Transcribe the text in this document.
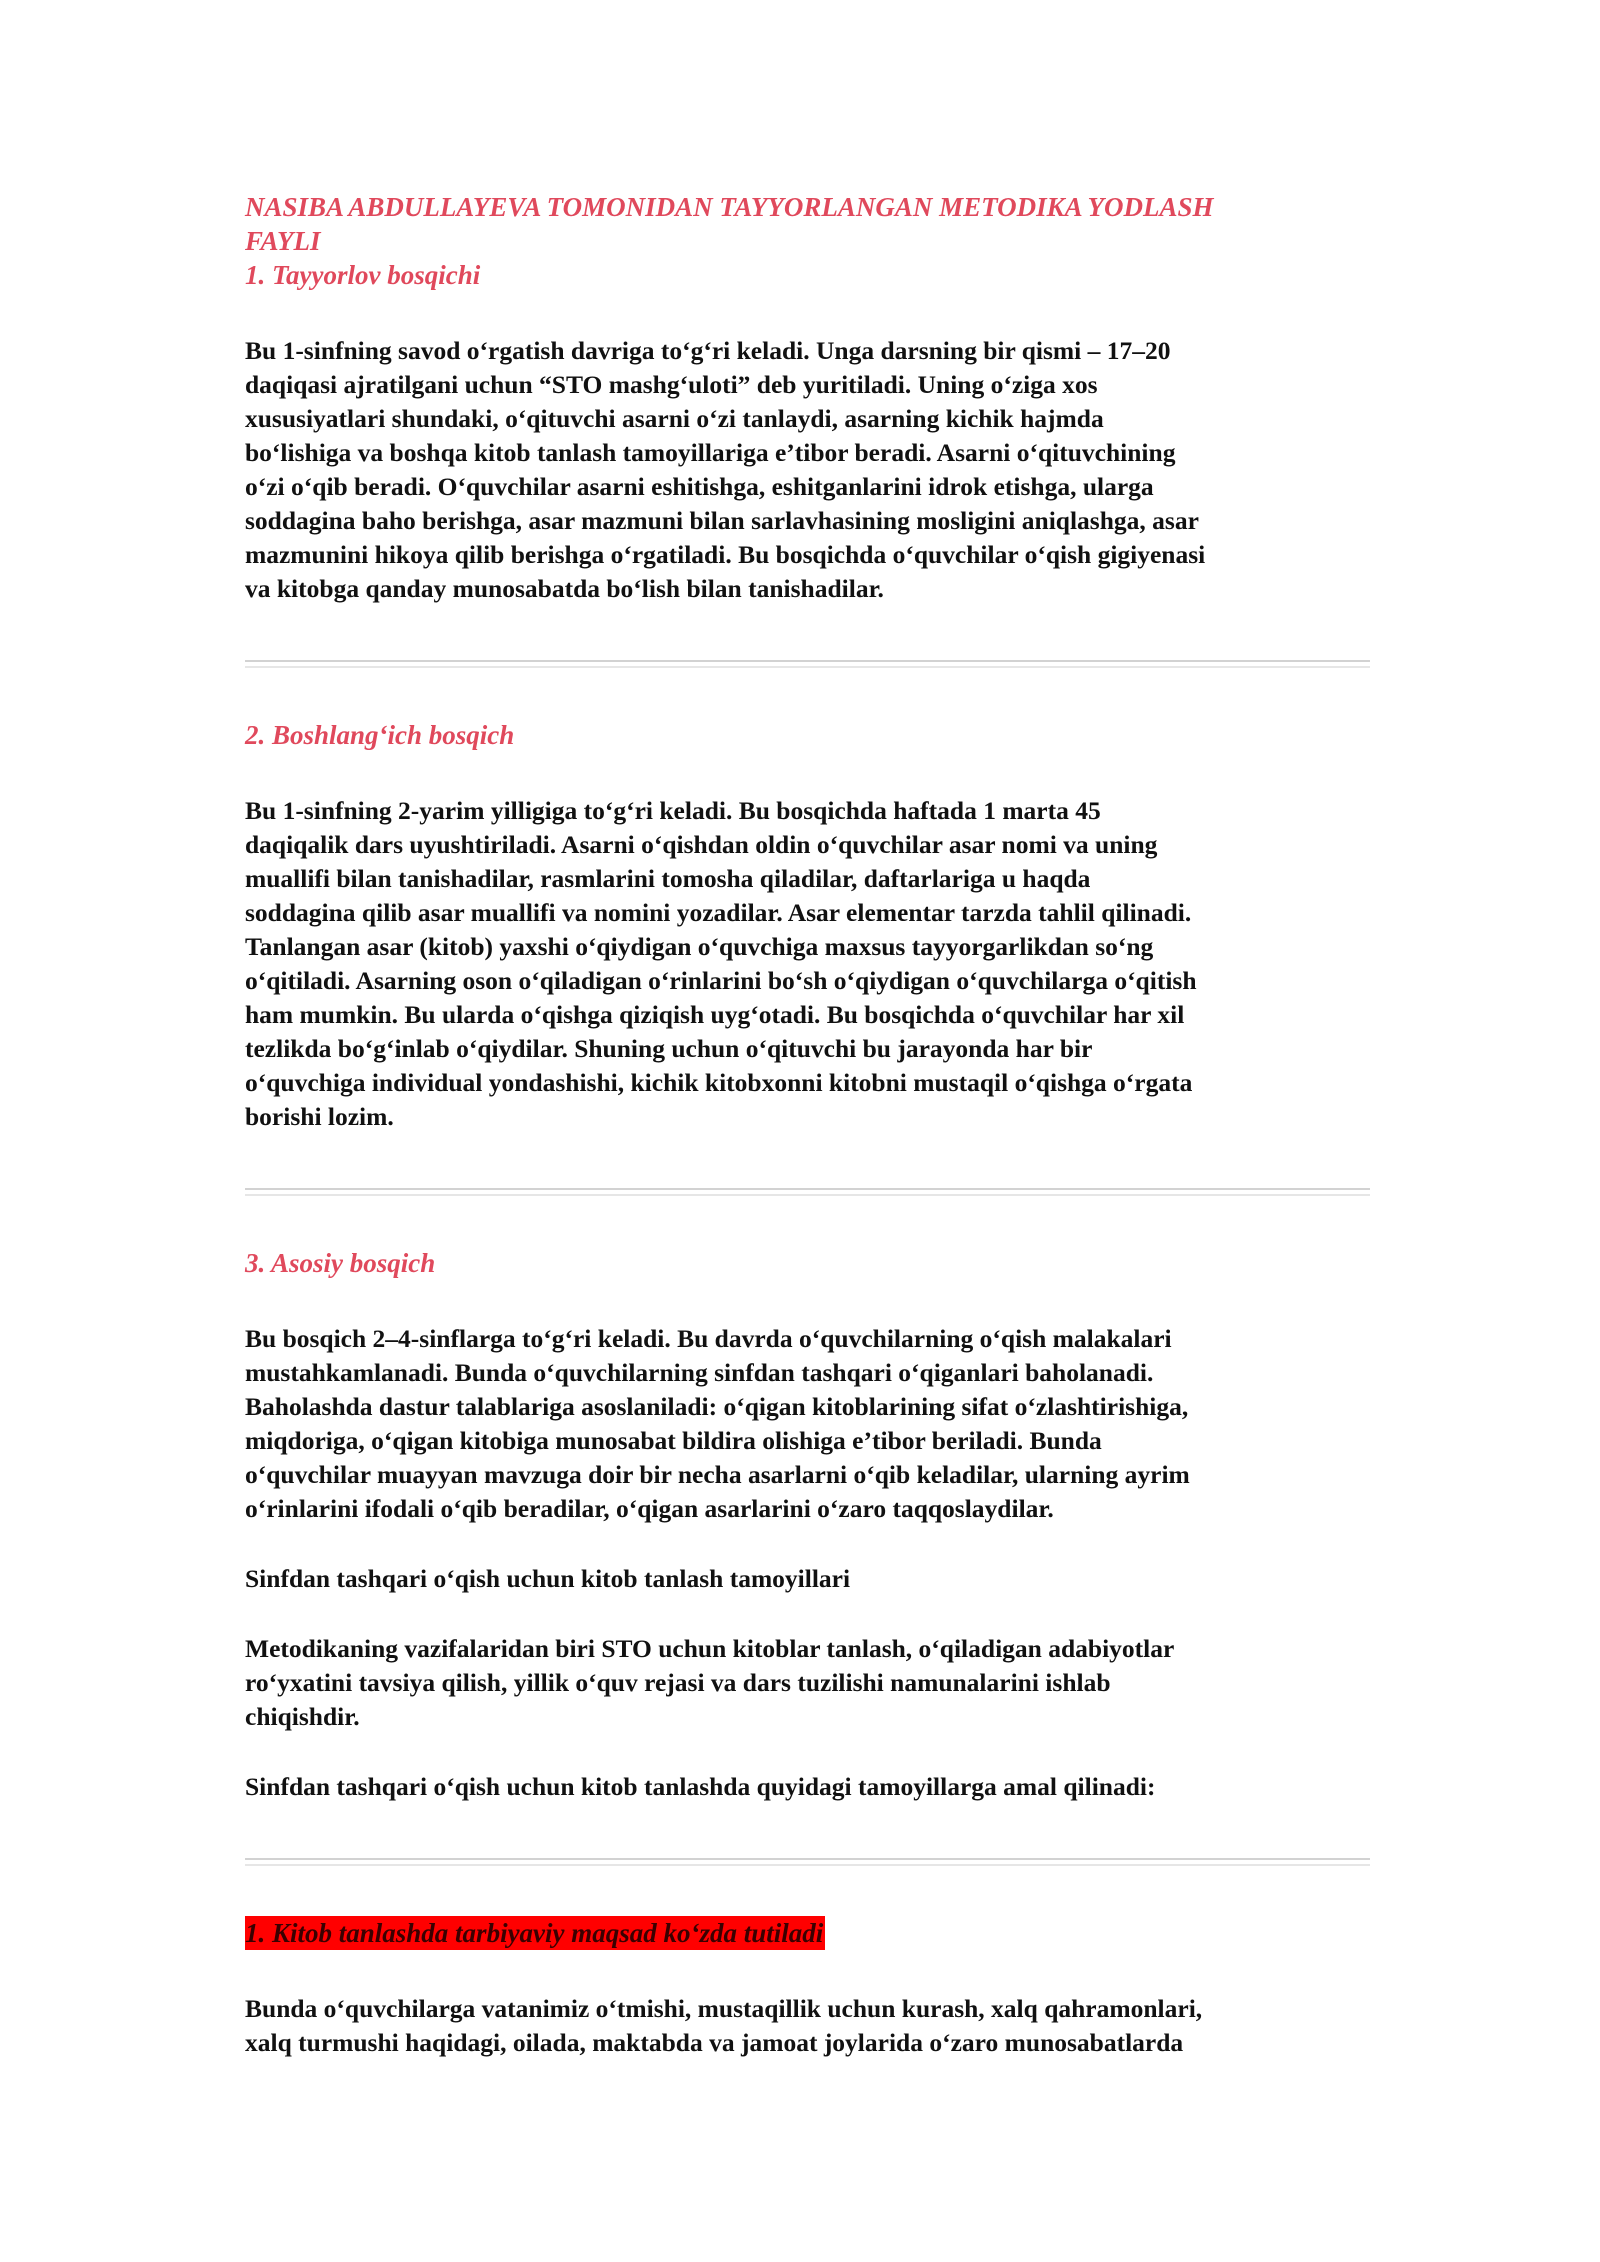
NASIBA ABDULLAYEVA TOMONIDAN TAYYORLANGAN METODIKA YODLASH
FAYLI

1. Tayyorlov bosqichi

Bu 1-sinfning savod oʻrgatish davriga toʻgʻri keladi. Unga darsning bir qismi – 17–20
daqiqasi ajratilgani uchun “STO mashgʻuloti” deb yuritiladi. Uning oʻziga xos
xususiyatlari shundaki, oʻqituvchi asarni oʻzi tanlaydi, asarning kichik hajmda
boʻlishiga va boshqa kitob tanlash tamoyillariga e’tibor beradi. Asarni oʻqituvchining
oʻzi oʻqib beradi. Oʻquvchilar asarni eshitishga, eshitganlarini idrok etishga, ularga
soddagina baho berishga, asar mazmuni bilan sarlavhasining mosligini aniqlashga, asar
mazmunini hikoya qilib berishga oʻrgatiladi. Bu bosqichda oʻquvchilar oʻqish gigiyenasi
va kitobga qanday munosabatda boʻlish bilan tanishadilar.

2. Boshlangʻich bosqich

Bu 1-sinfning 2-yarim yilligiga toʻgʻri keladi. Bu bosqichda haftada 1 marta 45
daqiqalik dars uyushtiriladi. Asarni oʻqishdan oldin oʻquvchilar asar nomi va uning
muallifi bilan tanishadilar, rasmlarini tomosha qiladilar, daftarlariga u haqda
soddagina qilib asar muallifi va nomini yozadilar. Asar elementar tarzda tahlil qilinadi.
Tanlangan asar (kitob) yaxshi oʻqiydigan oʻquvchiga maxsus tayyorgarlikdan soʻng
oʻqitiladi. Asarning oson oʻqiladigan oʻrinlarini boʻsh oʻqiydigan oʻquvchilarga oʻqitish
ham mumkin. Bu ularda oʻqishga qiziqish uygʻotadi. Bu bosqichda oʻquvchilar har xil
tezlikda boʻgʻinlab oʻqiydilar. Shuning uchun oʻqituvchi bu jarayonda har bir
oʻquvchiga individual yondashishi, kichik kitobxonni kitobni mustaqil oʻqishga oʻrgata
borishi lozim.

3. Asosiy bosqich

Bu bosqich 2–4-sinflarga toʻgʻri keladi. Bu davrda oʻquvchilarning oʻqish malakalari
mustahkamlanadi. Bunda oʻquvchilarning sinfdan tashqari oʻqiganlari baholanadi.
Baholashda dastur talablariga asoslaniladi: oʻqigan kitoblarining sifat oʻzlashtirishiga,
miqdoriga, oʻqigan kitobiga munosabat bildira olishiga e’tibor beriladi. Bunda
oʻquvchilar muayyan mavzuga doir bir necha asarlarni oʻqib keladilar, ularning ayrim
oʻrinlarini ifodali oʻqib beradilar, oʻqigan asarlarini oʻzaro taqqoslaydilar.

Sinfdan tashqari oʻqish uchun kitob tanlash tamoyillari

Metodikaning vazifalaridan biri STO uchun kitoblar tanlash, oʻqiladigan adabiyotlar
roʻyxatini tavsiya qilish, yillik oʻquv rejasi va dars tuzilishi namunalarini ishlab
chiqishdir.

Sinfdan tashqari oʻqish uchun kitob tanlashda quyidagi tamoyillarga amal qilinadi:

1. Kitob tanlashda tarbiyaviy maqsad koʻzda tutiladi

Bunda oʻquvchilarga vatanimiz oʻtmishi, mustaqillik uchun kurash, xalq qahramonlari,
xalq turmushi haqidagi, oilada, maktabda va jamoat joylarida oʻzaro munosabatlarda
